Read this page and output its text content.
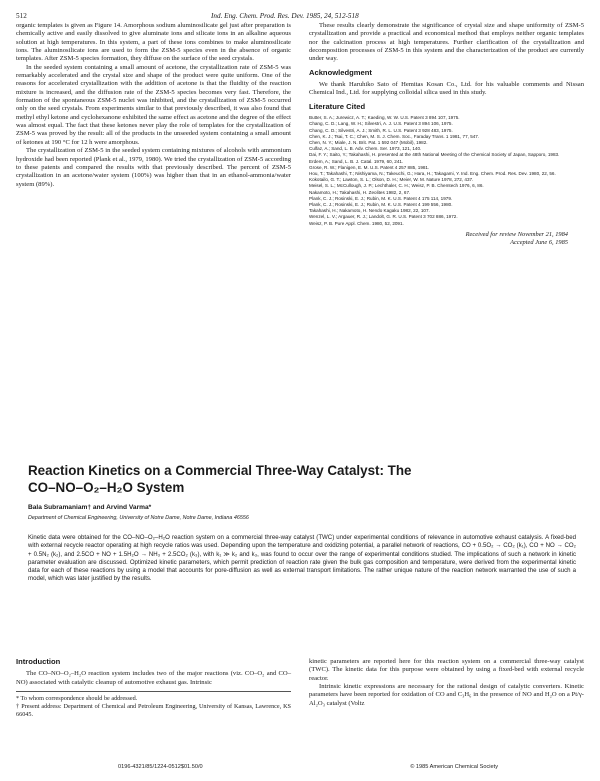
512	Ind. Eng. Chem. Prod. Res. Dev. 1985, 24, 512-518

organic templates is given as Figure 14. Amorphous sodium aluminosilicate gel just after preparation is chemically active and easily dissolved to give aluminate ions and silicate ions in an alkaline aqueous solution at high temperatures. In this system, a part of these ions combines to make aluminosilicate ions. The aluminosilicate ions are used to form the ZSM-5 species even in the absence of organic templates. After ZSM-5 species formation, they diffuse on the surface of the seed crystals.

In the seeded system containing a small amount of acetone, the crystallization rate of ZSM-5 was remarkably accelerated and the crystal size and shape of the product were quite uniform. One of the reasons for accelerated crystallization with the addition of acetone is that the fluidity of the reaction mixture is increased, and the diffusion rate of the ZSM-5 species becomes very fast. Therefore, the formation of the spontaneous ZSM-5 nuclei was inhibited, and the crystallization of ZSM-5 occurred only on the seed crystals. From experiments similar to that previously described, it was also found that methyl ethyl ketone and cyclohexanone exhibited the same effect as acetone and the degree of the effect was almost equal. The fact that these ketones never play the role of templates for the crystallization of ZSM-5 was proved by the result: all of the products in the unseeded system containing a small amount of ketones at 190 °C for 12 h were amorphous.

The crystallization of ZSM-5 in the seeded system containing mixtures of alcohols with ammonium hydroxide had been reported (Plank et al., 1979, 1980). We tried the crystallization of ZSM-5 according to these patents and compared the results with that previously described. The percent of ZSM-5 crystallization in an acetone/water system (100%) was higher than that in an ethanol-ammonia/water system (89%).

These results clearly demonstrate the significance of crystal size and shape uniformity of ZSM-5 crystallization and provide a practical and economical method that employs neither organic templates nor the calcination process at high temperatures. Further clarification of the crystallization and decomposition processes of ZSM-5 in this system and the characterization of the product are currently under way.

Acknowledgment

We thank Haruhiko Sato of Hemitas Kosan Co., Ltd. for his valuable comments and Nissan Chemical Ind., Ltd. for supplying colloidal silica used in this study.

Literature Cited
Butter, S. A.; Jurewicz, A. T.; Kaeding, W. W. U.S. Patent 3 894 107, 1975.
Chang, C. D.; Lang, W. H.; Silvestri, A. J. U.S. Patent 3 894 106, 1975.
Chang, C. D.; Silvestri, A. J.; Smith, R. L. U.S. Patent 3 928 483, 1975.
Chen, K. J.; Tsai, T. C.; Chen, M. S. J. Chem. Soc., Faraday Trans. 1 1981, 77, 547.
Chen, N. Y.; Miale, J. N. Brit. Pat. 1 592 047 (Mobil), 1982.
Culfaz, A.; Sand, L. B. Adv. Chem. Ser. 1973, 121, 140.
Dai, F. Y.; Saito, Y.; Takahashi, H. presented at the 48th National Meeting of the Chemical Society of Japan, Sapporo, 1983.
Erdem, A.; Sand, L. B. J. Catal. 1979, 60, 241.
Grose, R. W.; Flanigen, E. M. U.S. Patent 4 257 885, 1981.
Hou, T.; Takahashi, T.; Nishiyama, N.; Takeuchi, G.; Hara, H.; Takagami, Y. Ind. Eng. Chem. Prod. Res. Dev. 1980, 22, 56.
Kokotailo, G. T.; Lawton, S. L.; Olson, D. H.; Meier, W. M. Nature 1978, 272, 437.
Meisel, S. L.; McCullough, J. P.; Lechthaler, C. H.; Weisz, P. B. Chemtech 1976, 6, 86.
Nakamoto, H.; Takahashi, H. Zeolites 1982, 2, 67.
Plank, C. J.; Rosinski, E. J.; Rubin, M. K. U.S. Patent 4 175 114, 1979.
Plank, C. J.; Rosinski, E. J.; Rubin, M. K. U.S. Patent 4 199 556, 1980.
Takahashi, H.; Nakamoto, H. Nendo Kagaku 1982, 22, 107.
Wenzel, L. V.; Argauer, R. J.; Landolt, G. R. U.S. Patent 3 702 886, 1972.
Weisz, P. B. Pure Appl. Chem. 1980, 52, 2091.
Received for review November 21, 1984
Accepted June 6, 1985
Reaction Kinetics on a Commercial Three-Way Catalyst: The
CO–NO–O₂–H₂O System
Bala Subramaniam† and Arvind Varma*
Department of Chemical Engineering, University of Notre Dame, Notre Dame, Indiana 46556
Kinetic data were obtained for the CO–NO–O₂–H₂O reaction system on a commercial three-way catalyst (TWC) under experimental conditions of relevance in automotive exhaust catalysis. A fixed-bed with external recycle reactor operating at high recycle ratios was used. Depending upon the temperature and oxidizing potential, a parallel network of reactions, CO + 0.5O₂ → CO₂ (k₁), CO + NO → CO₂ + 0.5N₂ (k₂), and 2.5CO + NO + 1.5H₂O → NH₃ + 2.5CO₂ (k₃), with k₁ ≫ k₂ and k₃, was found to occur over the range of experimental conditions studied. The implications of such a network in kinetic parameter evaluation are discussed. Optimized kinetic parameters, which permit prediction of reaction rate given the bulk gas composition and temperature, were derived from the experimental kinetic data for each of these reactions by using a model that accounts for pore-diffusion as well as external transport limitations. The rather unique nature of the reaction network warranted the use of such a model, which was later justified by the results.
Introduction

The CO–NO–O₂–H₂O reaction system includes two of the major reactions (viz. CO–O₂ and CO–NO) associated with catalytic cleanup of automotive exhaust gas. Intrinsic

* To whom correspondence should be addressed.

† Present address: Department of Chemical and Petroleum Engineering, University of Kansas, Lawrence, KS 66045.

kinetic parameters are reported here for this reaction system on a commercial three-way catalyst (TWC). The kinetic data for this purpose were obtained by using a fixed-bed with external recycle reactor.

Intrinsic kinetic expressions are necessary for the rational design of catalytic converters. Kinetic parameters have been reported for oxidation of CO and C₃H₆ in the presence of NO and H₂O on a Pt/γ-Al₂O₃ catalyst (Voltz

0196-4321/85/1224-0512$01.50/0	© 1985 American Chemical Society
